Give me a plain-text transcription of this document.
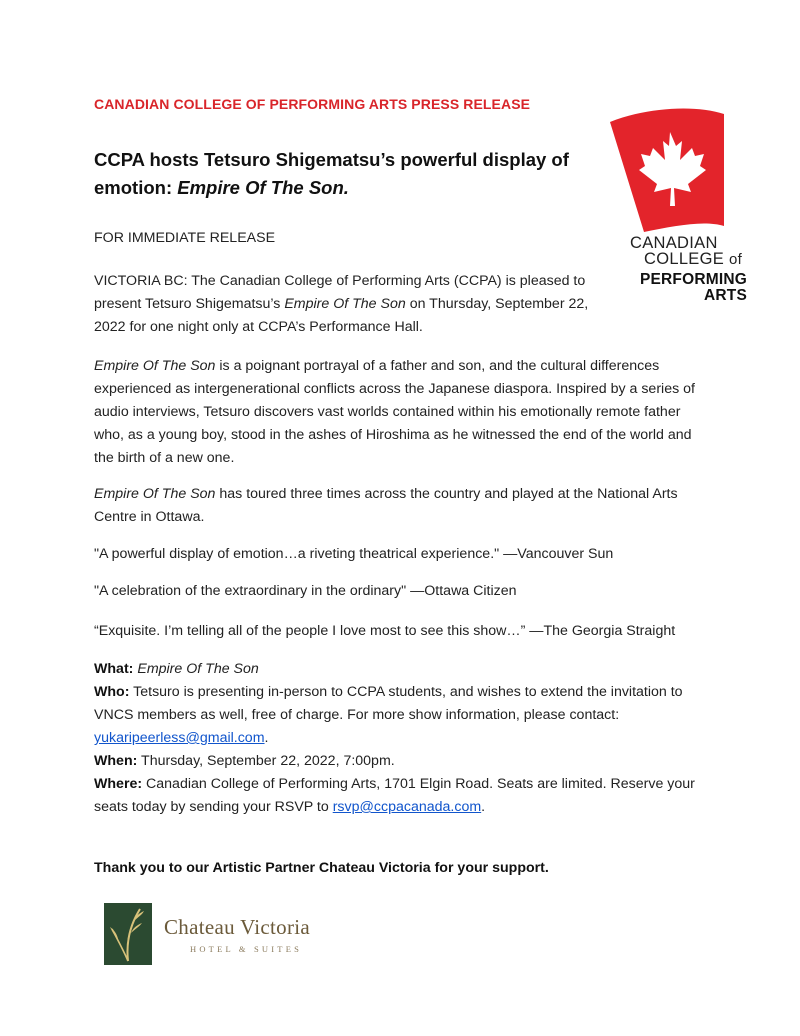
CANADIAN COLLEGE OF PERFORMING ARTS PRESS RELEASE
CCPA hosts Tetsuro Shigematsu’s powerful display of emotion: Empire Of The Son.
FOR IMMEDIATE RELEASE
VICTORIA BC: The Canadian College of Performing Arts (CCPA) is pleased to present Tetsuro Shigematsu’s Empire Of The Son on Thursday, September 22, 2022 for one night only at CCPA’s Performance Hall.
Empire Of The Son is a poignant portrayal of a father and son, and the cultural differences experienced as intergenerational conflicts across the Japanese diaspora. Inspired by a series of audio interviews, Tetsuro discovers vast worlds contained within his emotionally remote father who, as a young boy, stood in the ashes of Hiroshima as he witnessed the end of the world and the birth of a new one.
Empire Of The Son has toured three times across the country and played at the National Arts Centre in Ottawa.
"A powerful display of emotion…a riveting theatrical experience." —Vancouver Sun
"A celebration of the extraordinary in the ordinary" —Ottawa Citizen
“Exquisite. I’m telling all of the people I love most to see this show…” —The Georgia Straight
What: Empire Of The Son
Who: Tetsuro is presenting in-person to CCPA students, and wishes to extend the invitation to VNCS members as well, free of charge. For more show information, please contact: yukaripeerless@gmail.com.
When: Thursday, September 22, 2022, 7:00pm.
Where: Canadian College of Performing Arts, 1701 Elgin Road. Seats are limited. Reserve your seats today by sending your RSVP to rsvp@ccpacanada.com.
Thank you to our Artistic Partner Chateau Victoria for your support.
CANADIAN
COLLEGE of
PERFORMING
ARTS
Chateau Victoria
HOTEL & SUITES
